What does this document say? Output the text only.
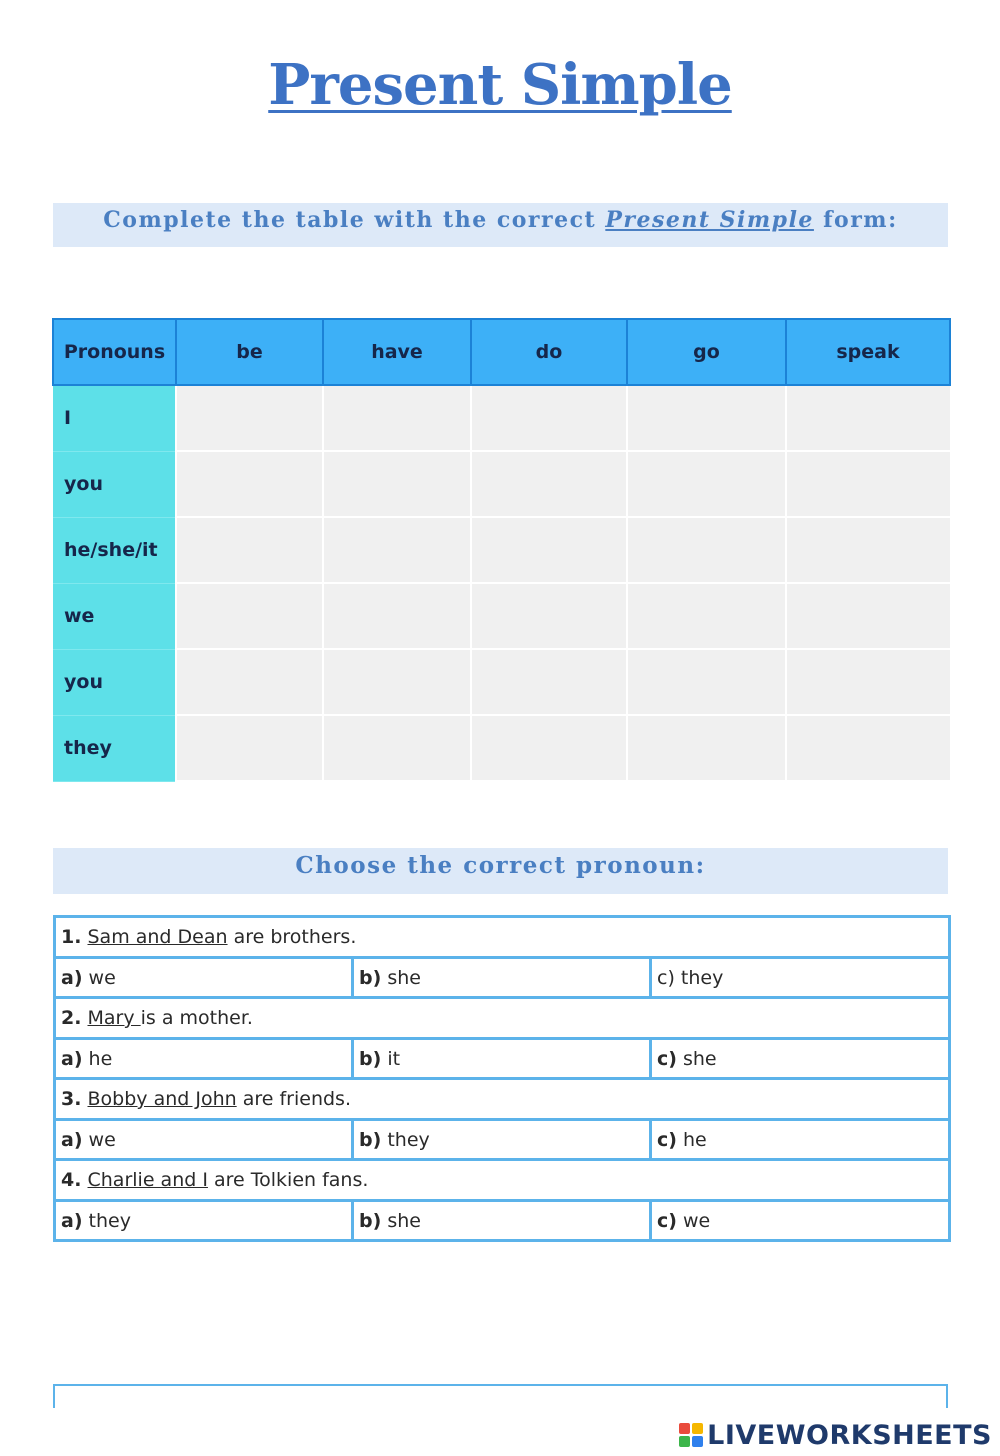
Present Simple
Complete the table with the correct Present Simple form:
Pronouns	be	have	do	go	speak
I					
you					
he/she/it					
we					
you					
they					
Choose the correct pronoun:
1. Sam and Dean are brothers.		
a) we	b) she	c) they
2. Mary is a mother.		
a) he	b) it	c) she
3. Bobby and John are friends.		
a) we	b) they	c) he
4. Charlie and I are Tolkien fans.		
a) they	b) she	c) we
LIVEWORKSHEETS
